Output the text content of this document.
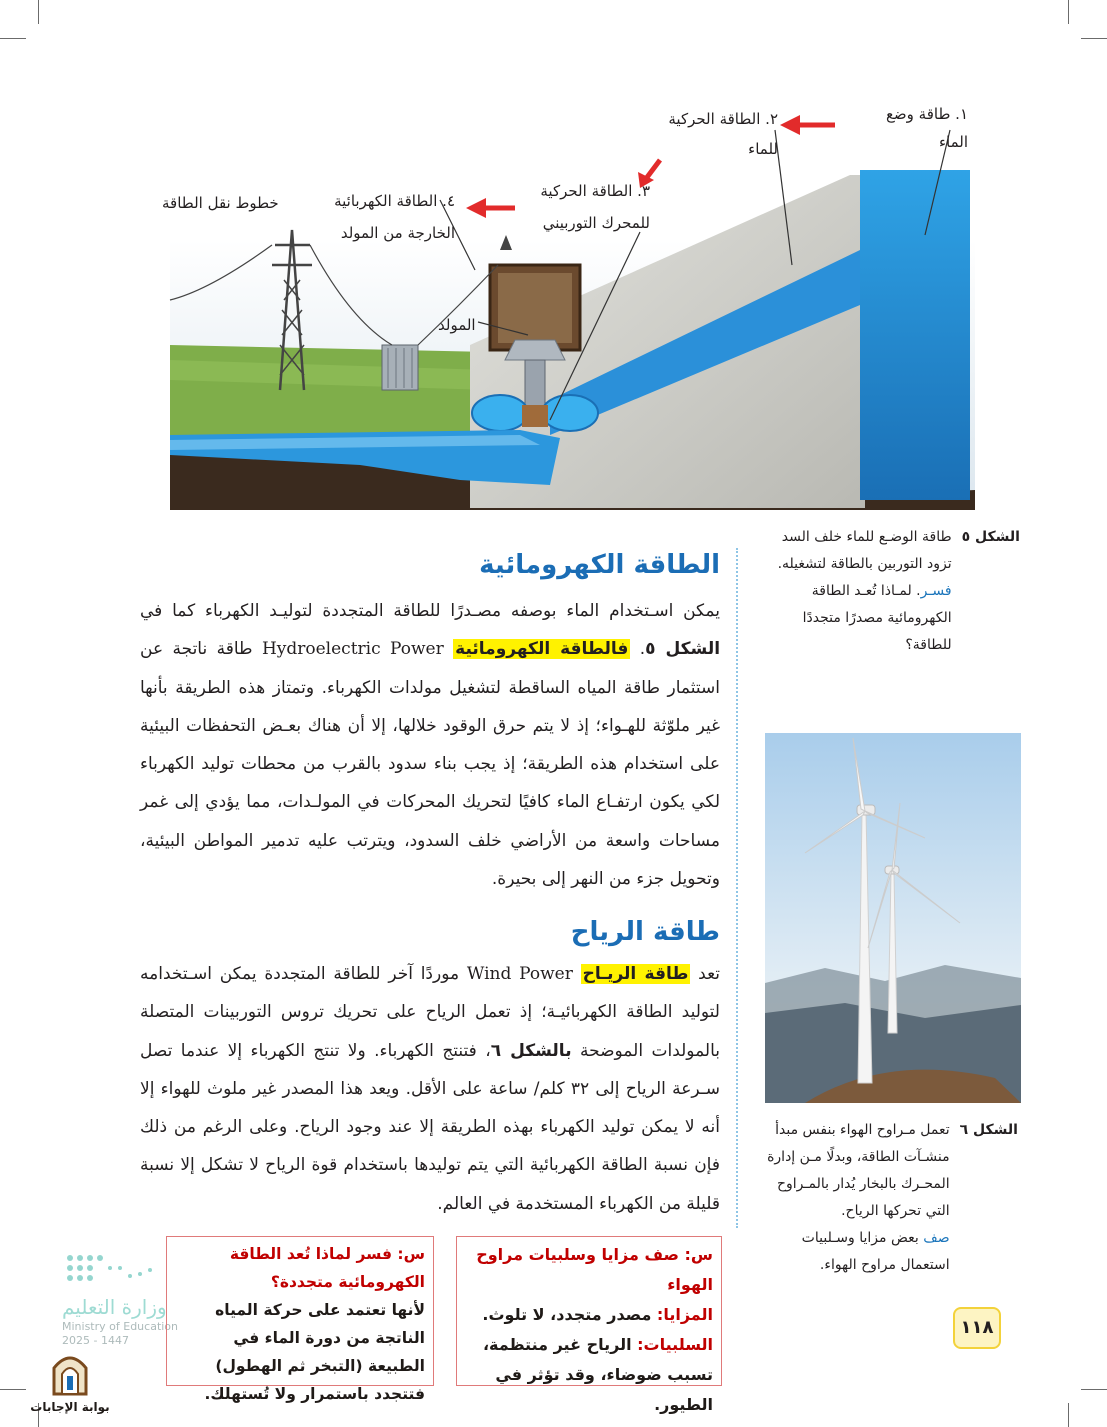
١. طاقة وضع الماء
٢. الطاقة الحركية للماء
٣. الطاقة الحركية للمحرك التوربيني
٤. الطاقة الكهربائية الخارجة من المولد
خطوط نقل الطاقة
المولد
الشكل ٥
طاقة الوضـع للماء خلف السد تزود التوربين بالطاقة لتشغيله.
فسـر. لمـاذا تُعـد الطاقة الكهرومائية مصدرًا متجددًا للطاقة؟
الشكل ٦
تعمل مـراوح الهواء بنفس مبدأ منشـآت الطاقة، وبدلًا مـن إدارة المحـرك بالبخار يُدار بالمـراوح التي تحركها الرياح.
صف بعض مزايا وسـلبيات استعمال مراوح الهواء.
الطاقة الكهرومائية
يمكن اسـتخدام الماء بوصفه مصـدرًا للطاقة المتجددة لتوليـد الكهرباء كما في الشكل ٥. فالطاقة الكهرومائية Hydroelectric Power طاقة ناتجة عن استثمار طاقة المياه الساقطة لتشغيل مولدات الكهرباء. وتمتاز هذه الطريقة بأنها غير ملوّثة للهـواء؛ إذ لا يتم حرق الوقود خلالها، إلا أن هناك بعـض التحفظات البيئية على استخدام هذه الطريقة؛ إذ يجب بناء سدود بالقرب من محطات توليد الكهرباء لكي يكون ارتفـاع الماء كافيًا لتحريك المحركات في المولـدات، مما يؤدي إلى غمر مساحات واسعة من الأراضي خلف السدود، ويترتب عليه تدمير المواطن البيئية، وتحويل جزء من النهر إلى بحيرة.
طاقة الرياح
تعد طاقة الريـاح Wind Power موردًا آخر للطاقة المتجددة يمكن اسـتخدامه لتوليد الطاقة الكهربائيـة؛ إذ تعمل الرياح على تحريك تروس التوربينات المتصلة بالمولدات الموضحة بالشكل ٦، فتنتج الكهرباء. ولا تنتج الكهرباء إلا عندما تصل سـرعة الرياح إلى ٣٢ كلم/ ساعة على الأقل. ويعد هذا المصدر غير ملوث للهواء إلا أنه لا يمكن توليد الكهرباء بهذه الطريقة إلا عند وجود الرياح. وعلى الرغم من ذلك فإن نسبة الطاقة الكهربائية التي يتم توليدها باستخدام قوة الرياح لا تشكل إلا نسبة قليلة من الكهرباء المستخدمة في العالم.
وزارة التعليم
Ministry of Education
2025 - 1447
بوابة الإجابات
س: فسر لماذا تُعد الطاقة الكهرومائية متجددة؟
لأنها تعتمد على حركة المياه الناتجة من دورة الماء في الطبيعة (التبخر ثم الهطول) فتتجدد باستمرار ولا تُستهلك.
س: صف مزايا وسلبيات مراوح الهواء
المزايا: مصدر متجدد، لا تلوث.
السلبيات: الرياح غير منتظمة، تسبب ضوضاء، وقد تؤثر في الطيور.
١١٨
